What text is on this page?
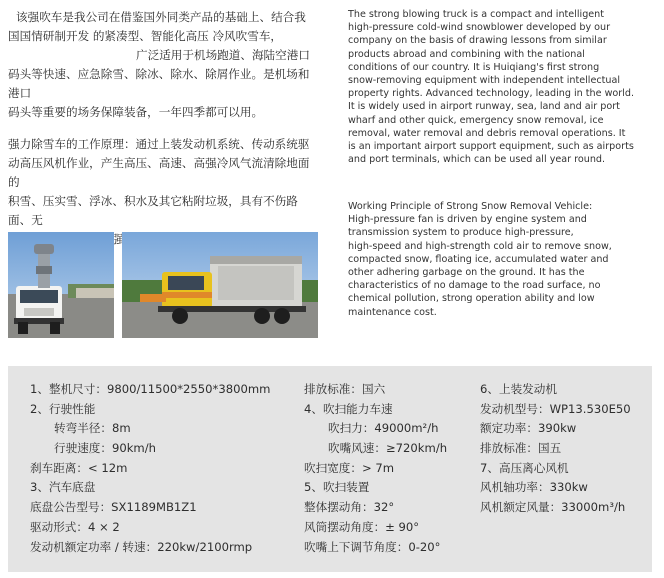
该强吹车是我公司在借鉴国外同类产品的基础上、结合我
国国情研制开发 的紧凑型、智能化高压 冷风吹雪车，
广泛适用于机场跑道、海陆空港口
码头等快速、应急除雪、除冰、除水、除屑作业。是机场和港口
码头等重要的场务保障装备，一年四季都可以用。
强力除雪车的工作原理：通过上装发动机系统、传动系统驱
动高压风机作业，产生高压、高速、高强冷风气流清除地面的
积雪、压实雪、浮冰、积水及其它粘附垃圾，具有不伤路面、无
The strong blowing truck is a compact and intelligent
high-pressure cold-wind snowblower developed by our
company on the basis of drawing lessons from similar
products abroad and combining with the national
conditions of our country. It is Huiqiang's first strong
snow-removing equipment with independent intellectual
property rights. Advanced technology, leading in the world.
It is widely used in airport runway, sea, land and air port
wharf and other quick, emergency snow removal, ice
removal, water removal and debris removal operations. It
is an important airport support equipment, such as airports
and port terminals, which can be used all year round.
Working Principle of Strong Snow Removal Vehicle:
High-pressure fan is driven by engine system and
transmission system to produce high-pressure,
high-speed and high-strength cold air to remove snow,
compacted snow, floating ice, accumulated water and
other adhering garbage on the ground. It has the
characteristics of no damage to the road surface, no
chemical pollution, strong operation ability and low
maintenance cost.
1、整机尺寸：9800/11500*2550*3800mm
2、行驶性能
转弯半径：8m
行驶速度：90km/h
刹车距离：< 12m
3、汽车底盘
底盘公告型号：SX1189MB1Z1
驱动形式：4 × 2
发动机额定功率 / 转速：220kw/2100rmp
排放标准：国六
4、吹扫能力车速
吹扫力：49000m²/h
吹嘴风速：≥720km/h
吹扫宽度：> 7m
5、吹扫装置
整体摆动角：32°
风筒摆动角度：± 90°
吹嘴上下调节角度：0-20°
6、上装发动机
发动机型号：WP13.530E50
额定功率：390kw
排放标准：国五
7、高压离心风机
风机轴功率：330kw
风机额定风量：33000m³/h
